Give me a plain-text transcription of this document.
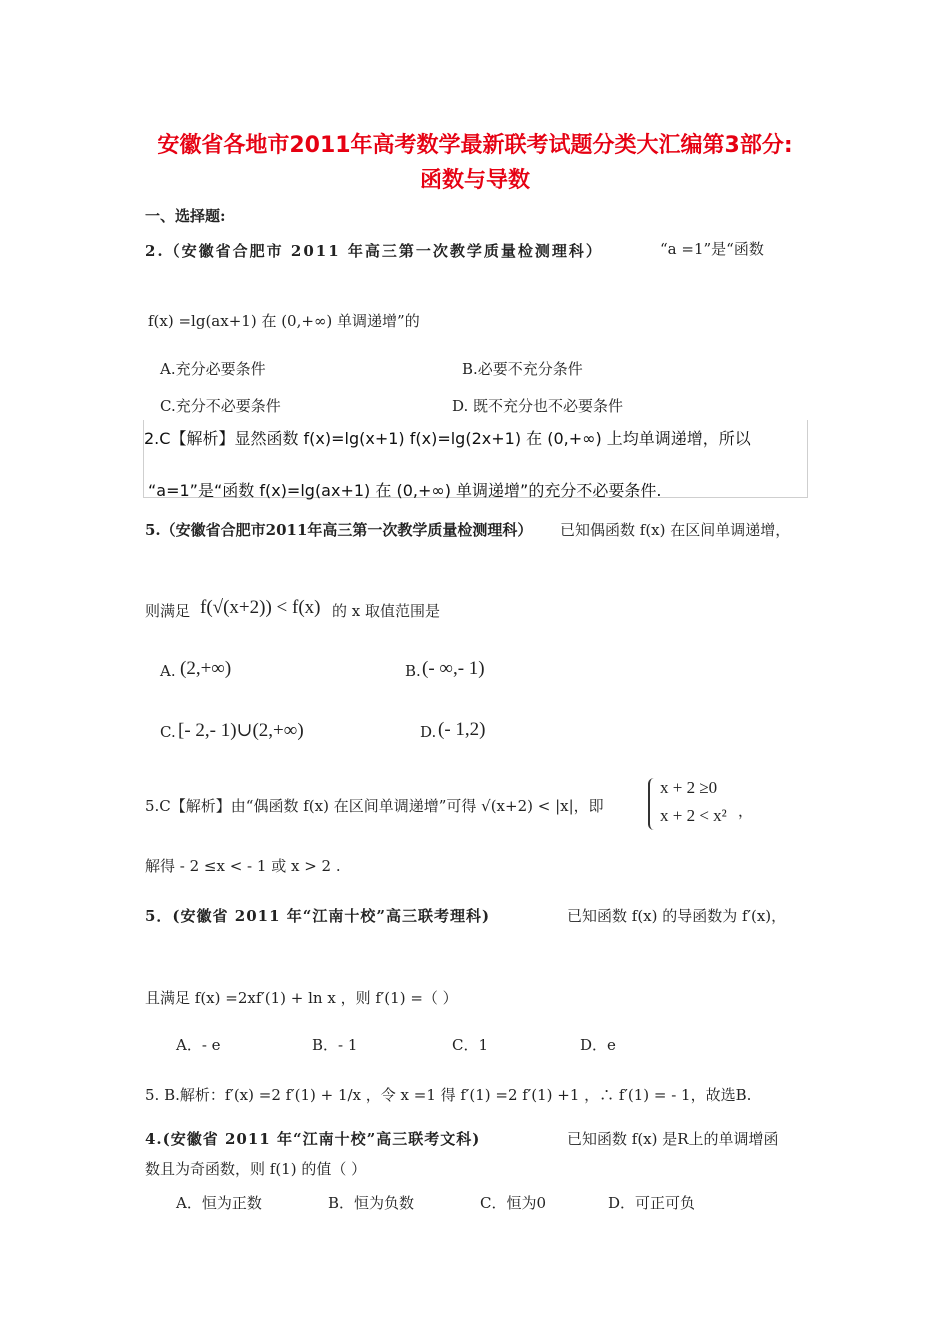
安徽省各地市2011年高考数学最新联考试题分类大汇编第3部分:
函数与导数
一、选择题:
2.（安徽省合肥市 2011 年高三第一次教学质量检测理科）	“a =1”是“函数
f(x) =lg(ax+1) 在 (0,+∞) 单调递增”的
A.充分必要条件	B.必要不充分条件
C.充分不必要条件	D. 既不充分也不必要条件
2.C【解析】显然函数 f(x)=lg(x+1) f(x)=lg(2x+1) 在 (0,+∞) 上均单调递增，所以
“a=1”是“函数 f(x)=lg(ax+1) 在 (0,+∞) 单调递增”的充分不必要条件.
5.（安徽省合肥市2011年高三第一次教学质量检测理科） 已知偶函数 f(x) 在区间单调递增，
则满足 f(√(x+2)) < f(x) 的 x 取值范围是
A. (2,+∞)	B. (- ∞,- 1)
C. [- 2,- 1)∪(2,+∞)	D. (- 1,2)
5.C【解析】由“偶函数 f(x) 在区间单调递增”可得 √(x+2) < |x|，即
x + 2 ≥0
x + 2 < x² ，
解得 - 2 ≤x < - 1 或 x > 2 .
5．(安徽省 2011 年“江南十校”高三联考理科)	已知函数 f(x) 的导函数为 f′(x)，
且满足 f(x) =2xf′(1) + ln x ，则 f′(1) =（ ）
A．- e	B．- 1	C．1	D．e
5. B.解析：f′(x) =2 f′(1) + 1/x ，令 x =1 得 f′(1) =2 f′(1) +1 ，∴ f′(1) = - 1，故选B.
4.(安徽省 2011 年“江南十校”高三联考文科)	已知函数 f(x) 是R上的单调增函
数且为奇函数，则 f(1) 的值（ ）
A．恒为正数	B．恒为负数	C．恒为0	D．可正可负
